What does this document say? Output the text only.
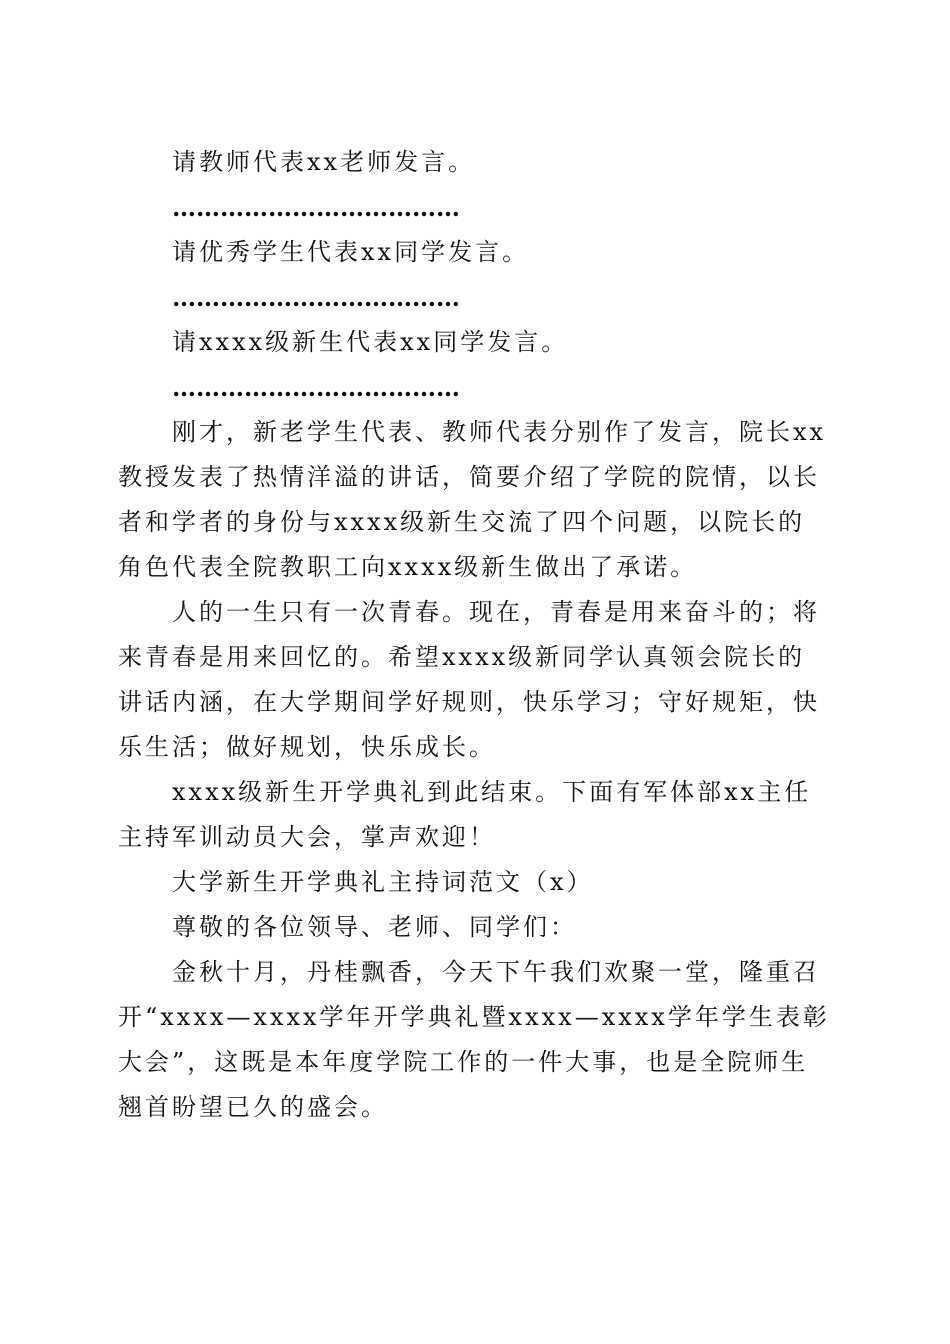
请教师代表xx老师发言。

………………………………

请优秀学生代表xx同学发言。

………………………………

请xxxx级新生代表xx同学发言。

………………………………

刚才，新老学生代表、教师代表分别作了发言，院长xx教授发表了热情洋溢的讲话，简要介绍了学院的院情，以长者和学者的身份与xxxx级新生交流了四个问题，以院长的角色代表全院教职工向xxxx级新生做出了承诺。

人的一生只有一次青春。现在，青春是用来奋斗的；将来青春是用来回忆的。希望xxxx级新同学认真领会院长的讲话内涵，在大学期间学好规则，快乐学习；守好规矩，快乐生活；做好规划，快乐成长。

xxxx级新生开学典礼到此结束。下面有军体部xx主任主持军训动员大会，掌声欢迎！

大学新生开学典礼主持词范文（x）

尊敬的各位领导、老师、同学们：

金秋十月，丹桂飘香，今天下午我们欢聚一堂，隆重召开“xxxx—xxxx学年开学典礼暨xxxx—xxxx学年学生表彰大会”，这既是本年度学院工作的一件大事，也是全院师生翘首盼望已久的盛会。
